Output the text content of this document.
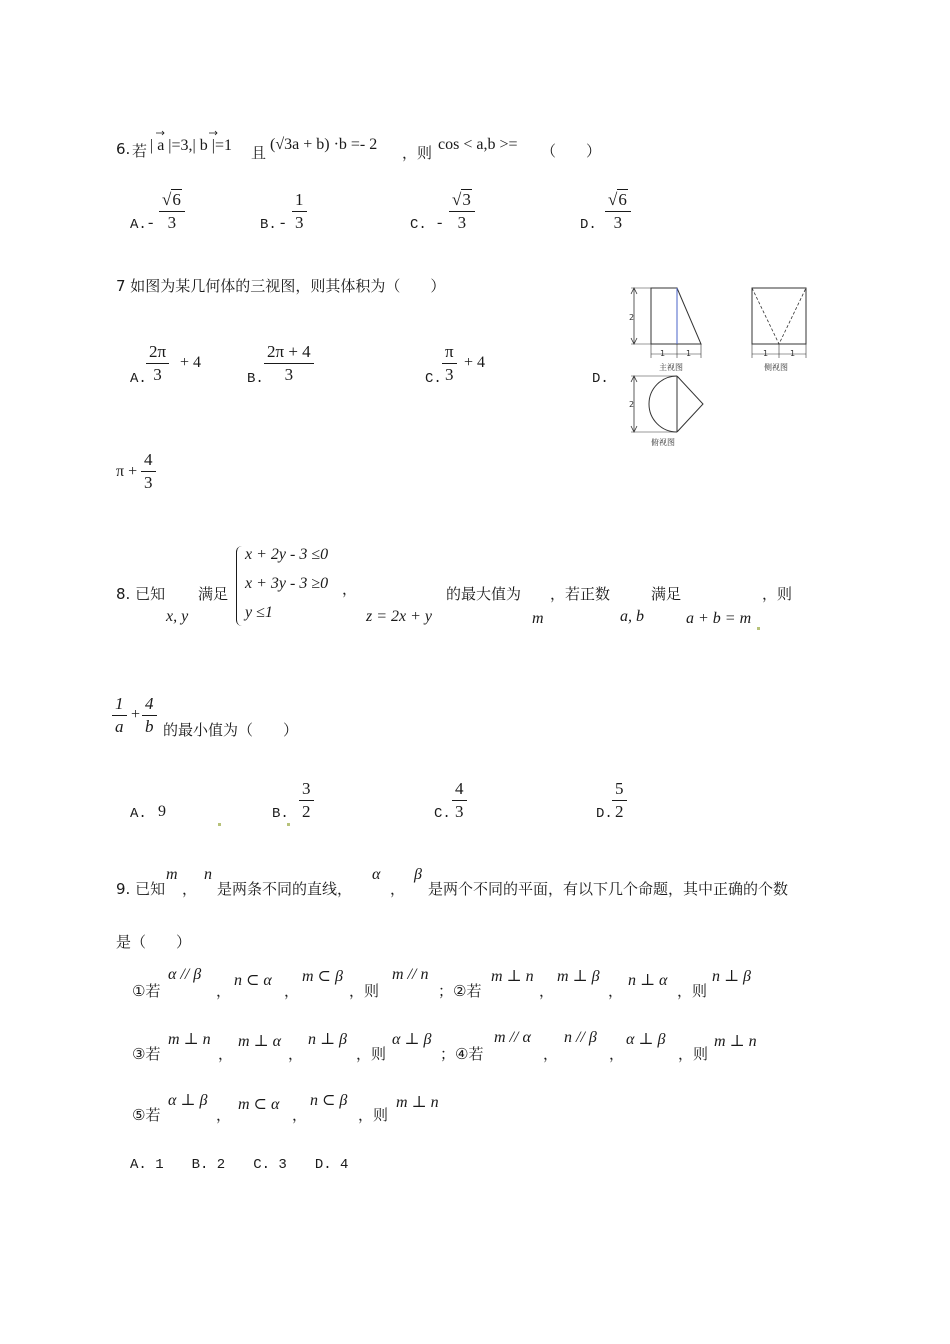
6. 若 | a |=3,| b |=1 且 (√3a + b) ·b =- 2 ，则 cos < a,b >= （　　）
A. - $\frac{√6}{3}$	B. - $\frac{1}{3}$	C. - $\frac{√3}{3}$	D. $\frac{√6}{3}$
7 如图为某几何体的三视图，则其体积为（　　）
A. $\frac{2\pi}{3} + 4$
B. $\frac{2\pi + 4}{3}$	C. $\frac{\pi}{3} + 4$
D.
$\pi + \frac{4}{3}$
2
1	1
主视图
1	1
侧视图
2
俯视图
8. 已知
x, y
满足
x + 2y - 3 ≤0
x + 3y - 3 ≥0
y ≤1
，
z = 2x + y
的最大值为
m
，若正数
a, b
满足
a + b = m
，则
$\frac{1}{a} + \frac{4}{b}$ 的最小值为（　　）
A. 9	B. $\frac{3}{2}$	C. $\frac{4}{3}$	D. $\frac{5}{2}$
9. 已知
m
，
n
是两条不同的直线，
α
，
β
是两个不同的平面，有以下几个命题，其中正确的个数
是（　　）
①若
α // β
，
n ⊂ α
，
m ⊂ β
，则
m // n
；②若
m ⊥ n
，
m ⊥ β
，
n ⊥ α
，则
n ⊥ β
③若
m ⊥ n
，
m ⊥ α
，
n ⊥ β
，则
α ⊥ β
；④若
m // α
，
n // β
，
α ⊥ β
，则
m ⊥ n
⑤若
α ⊥ β
，
m ⊂ α
，
n ⊂ β
，则
m ⊥ n
A. 1　　B. 2　　C. 3　　D. 4
